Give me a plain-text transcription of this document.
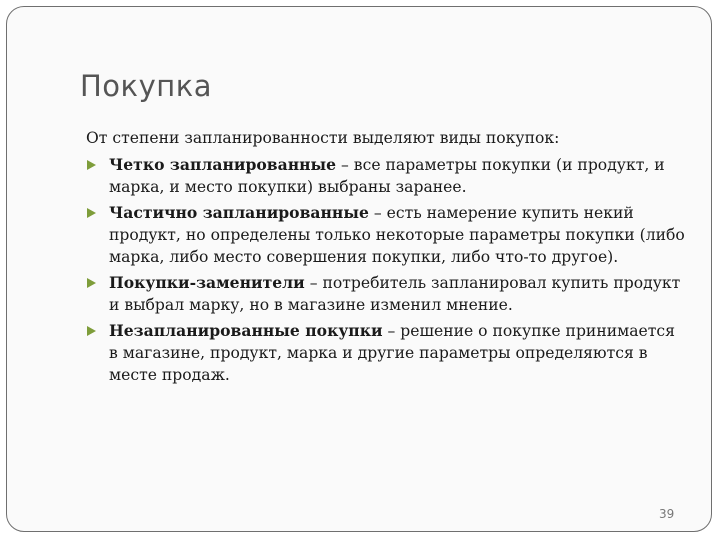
Покупка

От степени запланированности выделяют виды покупок:

Четко запланированные – все параметры покупки (и продукт, и марка, и место покупки) выбраны заранее.
Частично запланированные – есть намерение купить некий продукт, но определены только некоторые параметры покупки (либо марка, либо место совершения покупки, либо что-то другое).
Покупки-заменители – потребитель запланировал купить продукт и выбрал марку, но в магазине изменил мнение.
Незапланированные покупки – решение о покупке принимается в магазине, продукт, марка и другие параметры определяются в месте продаж.
39
